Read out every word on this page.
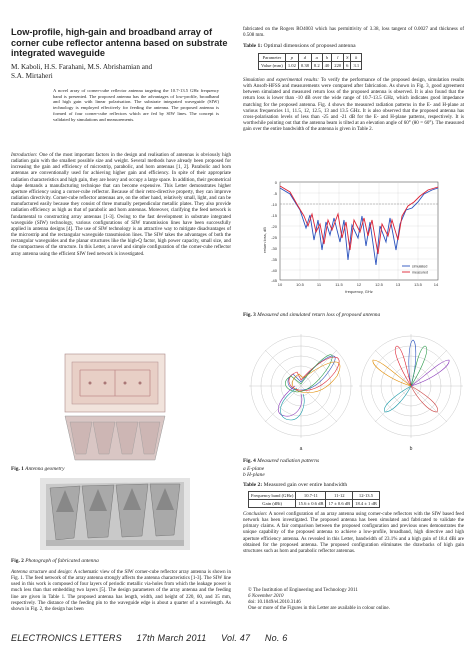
Low-profile, high-gain and broadband array of corner cube reflector antenna based on substrate integrated waveguide
M. Kaboli, H.S. Farahani, M.S. Abrishamian and
S.A. Mirtaheri

A novel array of corner-cube reflector antenna targeting the 10.7-13.5 GHz frequency band is presented. The proposed antenna has the advantages of low-profile, broadband and high gain with linear polarisation. The substrate integrated waveguide (SIW) technology is employed effectively for feeding the antenna. The proposed antenna is formed of four corner-cube reflectors which are fed by SIW lines. The concept is validated by simulations and measurements.

Introduction: One of the most important factors in the design and realisation of antennas is obviously high radiation gain with the smallest possible size and weight. Several methods have already been proposed for increasing the gain and efficiency of microstrip, parabolic, and horn antennas [1, 2]. Parabolic and horn antennas are conventionally used for achieving higher gain and efficiency. In spite of their appropriate radiation characteristics and high gain, they are heavy and occupy a large space. In addition, their geometrical shape demands a manufacturing technique that can become expensive. This Letter demonstrates higher aperture efficiency using a corner-cube reflector. Because of their retro-directive property, they can improve radiation directivity. Corner-cube reflector antennas are, on the other hand, relatively small, light, and can be manufactured easily because they consist of three mutually perpendicular metallic plates. They also provide radiation efficiency as high as that of parabolic and horn antennas. Moreover, clarifying the feed network is fundamental to constructing array antennas [1-3]. Owing to the fast development in substrate integrated waveguide (SIW) technology, various configurations of SIW transmission lines have been successfully applied in antenna designs [4]. The use of SIW technology is an attractive way to mitigate disadvantages of the microstrip and the rectangular waveguide transmission lines. The SIW takes the advantages of both the rectangular waveguides and the planar structures like the high-Q factor, high power capacity, small size, and the compactness of the structure. In this Letter, a novel and simple configuration of the corner-cube reflector array antenna using the efficient SIW feed network is investigated.

Fig. 1 Antenna geometry

Fig. 2 Photograph of fabricated antenna

Antenna structure and design: A schematic view of the SIW corner-cube reflector array antenna is shown in Fig. 1. The feed network of the array antenna strongly affects the antenna characteristics [1-3]. The SIW line used in this work is composed of four layers of periodic metallic via-holes from which the leakage power is much less than that embedding two layers [5]. The design parameters of the array antenna and the feeding line are given in Table 1. The proposed antenna has length, width, and height of 220, 60, and 35 mm, respectively. The distance of the feeding pin to the waveguide edge is about a quarter of a wavelength. As shown in Fig. 2, the design has been

fabricated on the Rogers RO4003 which has permittivity of 3.38, loss tangent of 0.0027 and thickness of 0.508 mm.

Table 1: Optimal dimensions of proposed antenna

Parameter	p	d	a	h	l	S	k
Value (mm)	1.02	0.38	8.2	40	220	6	3.1

Simulation and experimental results: To verify the performance of the proposed design, simulation results with Ansoft-HFSS and measurements were compared after fabrication. As shown in Fig. 3, good agreement between simulated and measured return loss of the proposed antenna is observed. It is also found that the return loss is lower than -10 dB over the wide range of 10.7-13.5 GHz, which indicates good impedance matching for the proposed antenna. Fig. 4 shows the measured radiation patterns in the E- and H-plane at various frequencies 11, 11.5, 12, 12.5, 13 and 13.5 GHz. It is also observed that the proposed antenna has cross-polarisation levels of less than -25 and -21 dB for the E- and H-plane patterns, respectively. It is worthwhile pointing out that the antenna beam is tilted at an elevation angle of 60° (θ0 = 60°). The measured gain over the entire bandwidth of the antenna is given in Table 2.

0
-5
-10
-15
-20
-25
-30
-35
-40
-45
10	10.5	11	11.5	12	12.5	13	13.5	14
frequency, GHz
return loss, dB
simulated
measured

Fig. 3 Measured and simulated return loss of proposed antenna

a	b

Fig. 4 Measured radiation patterns

a E-plane
b H-plane

Table 2: Measured gain over entire bandwidth

Frequency band (GHz)	10.7-11	11-12	12-13.5
Gain (dBi)	15.6 ± 0.6 dB	17 ± 0.6 dB	18.4 ± 1 dB

Conclusion: A novel configuration of an array antenna using corner-cube reflectors with the SIW based feed network has been investigated. The proposed antenna has been simulated and fabricated to validate the primary claims. A fair comparison between the proposed configuration and previous ones demonstrates the unique capability of the proposed antenna to achieve a low-profile, broadband, high directive and high aperture efficiency antenna. As revealed in this Letter, bandwidth of 23.1% and a high gain of 18.4 dBi are obtained for the proposed antenna. The proposed configuration eliminates the drawbacks of high gain structures such as horn and parabolic reflector antennas.

© The Institution of Engineering and Technology 2011
6 November 2010
doi: 10.1049/el.2010.3146
One or more of the Figures in this Letter are available in colour online.
ELECTRONICS LETTERS 17th March 2011 Vol. 47 No. 6
